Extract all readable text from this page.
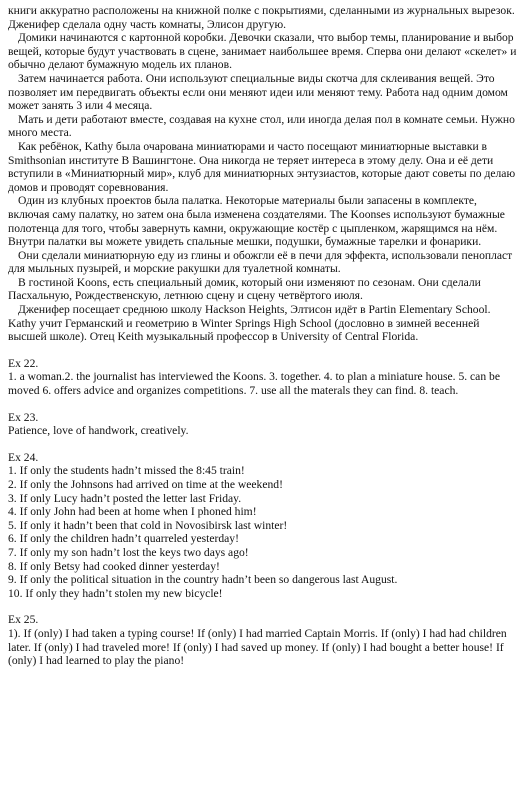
книги аккуратно расположены на книжной полке с покрытиями, сделанными из журнальных вырезок. Дженифер сделала одну часть комнаты, Элисон другую.

Домики начинаются с картонной коробки. Девочки сказали, что выбор темы, планирование и выбор вещей, которые будут участвовать в сцене, занимает наибольшее время. Сперва они делают «скелет» и обычно делают бумажную модель их планов.

Затем начинается работа. Они используют специальные виды скотча для склеивания вещей. Это позволяет им передвигать объекты если они меняют идеи или меняют тему. Работа над одним домом может занять 3 или 4 месяца.

Мать и дети работают вместе, создавая на кухне стол, или иногда делая пол в комнате семьи. Нужно много места.

Как ребёнок, Kathy была очарована миниатюрами и часто посещают миниатюрные выставки в Smithsonian институте В Вашингтоне. Она никогда не теряет интереса в этому делу. Она и её дети вступили в «Миниатюрный мир», клуб для миниатюрных энтузиастов, которые дают советы по делаю домов и проводят соревнования.

Один из клубных проектов была палатка. Некоторые материалы были запасены в комплекте, включая саму палатку, но затем она была изменена создателями. The Koonses используют бумажные полотенца для того, чтобы завернуть камни, окружающие костёр с цыпленком, жарящимся на нём. Внутри палатки вы можете увидеть спальные мешки, подушки, бумажные тарелки и фонарики.

Они сделали миниатюрную еду из глины и обожгли её в печи для эффекта, использовали пенопласт для мыльных пузырей, и морские ракушки для туалетной комнаты.

В гостиной Koons, есть специальный домик, который они изменяют по сезонам. Они сделали Пасхальную, Рождественскую, летнюю сцену и сцену четвёртого июля.

Дженифер посещает среднюю школу Hackson Heights, Элтисон идёт в Partin Elementary School. Kathy учит Германский и геометрию в Winter Springs High School (дословно в зимней весенней высшей школе). Отец Keith музыкальный профессор в University of Central Florida.

Ex 22.

1. a woman.2. the journalist has interviewed the Koons. 3. together. 4. to plan a miniature house. 5. can be moved 6. offers advice and organizes competitions. 7. use all the materals they can find. 8. teach.

Ex 23.

Patience, love of handwork, creatively.

Ex 24.

1. If only the students hadn’t missed the 8:45 train!

2. If only the Johnsons had arrived on time at the weekend!

3. If only Lucy hadn’t posted the letter last Friday.

4. If only John had been at home when I phoned him!

5. If only it hadn’t been that cold in Novosibirsk last winter!

6. If only the children hadn’t quarreled yesterday!

7. If only my son hadn’t lost the keys two days ago!

8. If only Betsy had cooked dinner yesterday!

9. If only the political situation in the country hadn’t been so dangerous last August.

10. If only they hadn’t stolen my new bicycle!

Ex 25.

1). If (only) I had taken a typing course! If (only) I had married Captain Morris. If (only) I had had children later. If (only) I had traveled more! If (only) I had saved up money. If (only) I had bought a better house! If (only) I had learned to play the piano!
